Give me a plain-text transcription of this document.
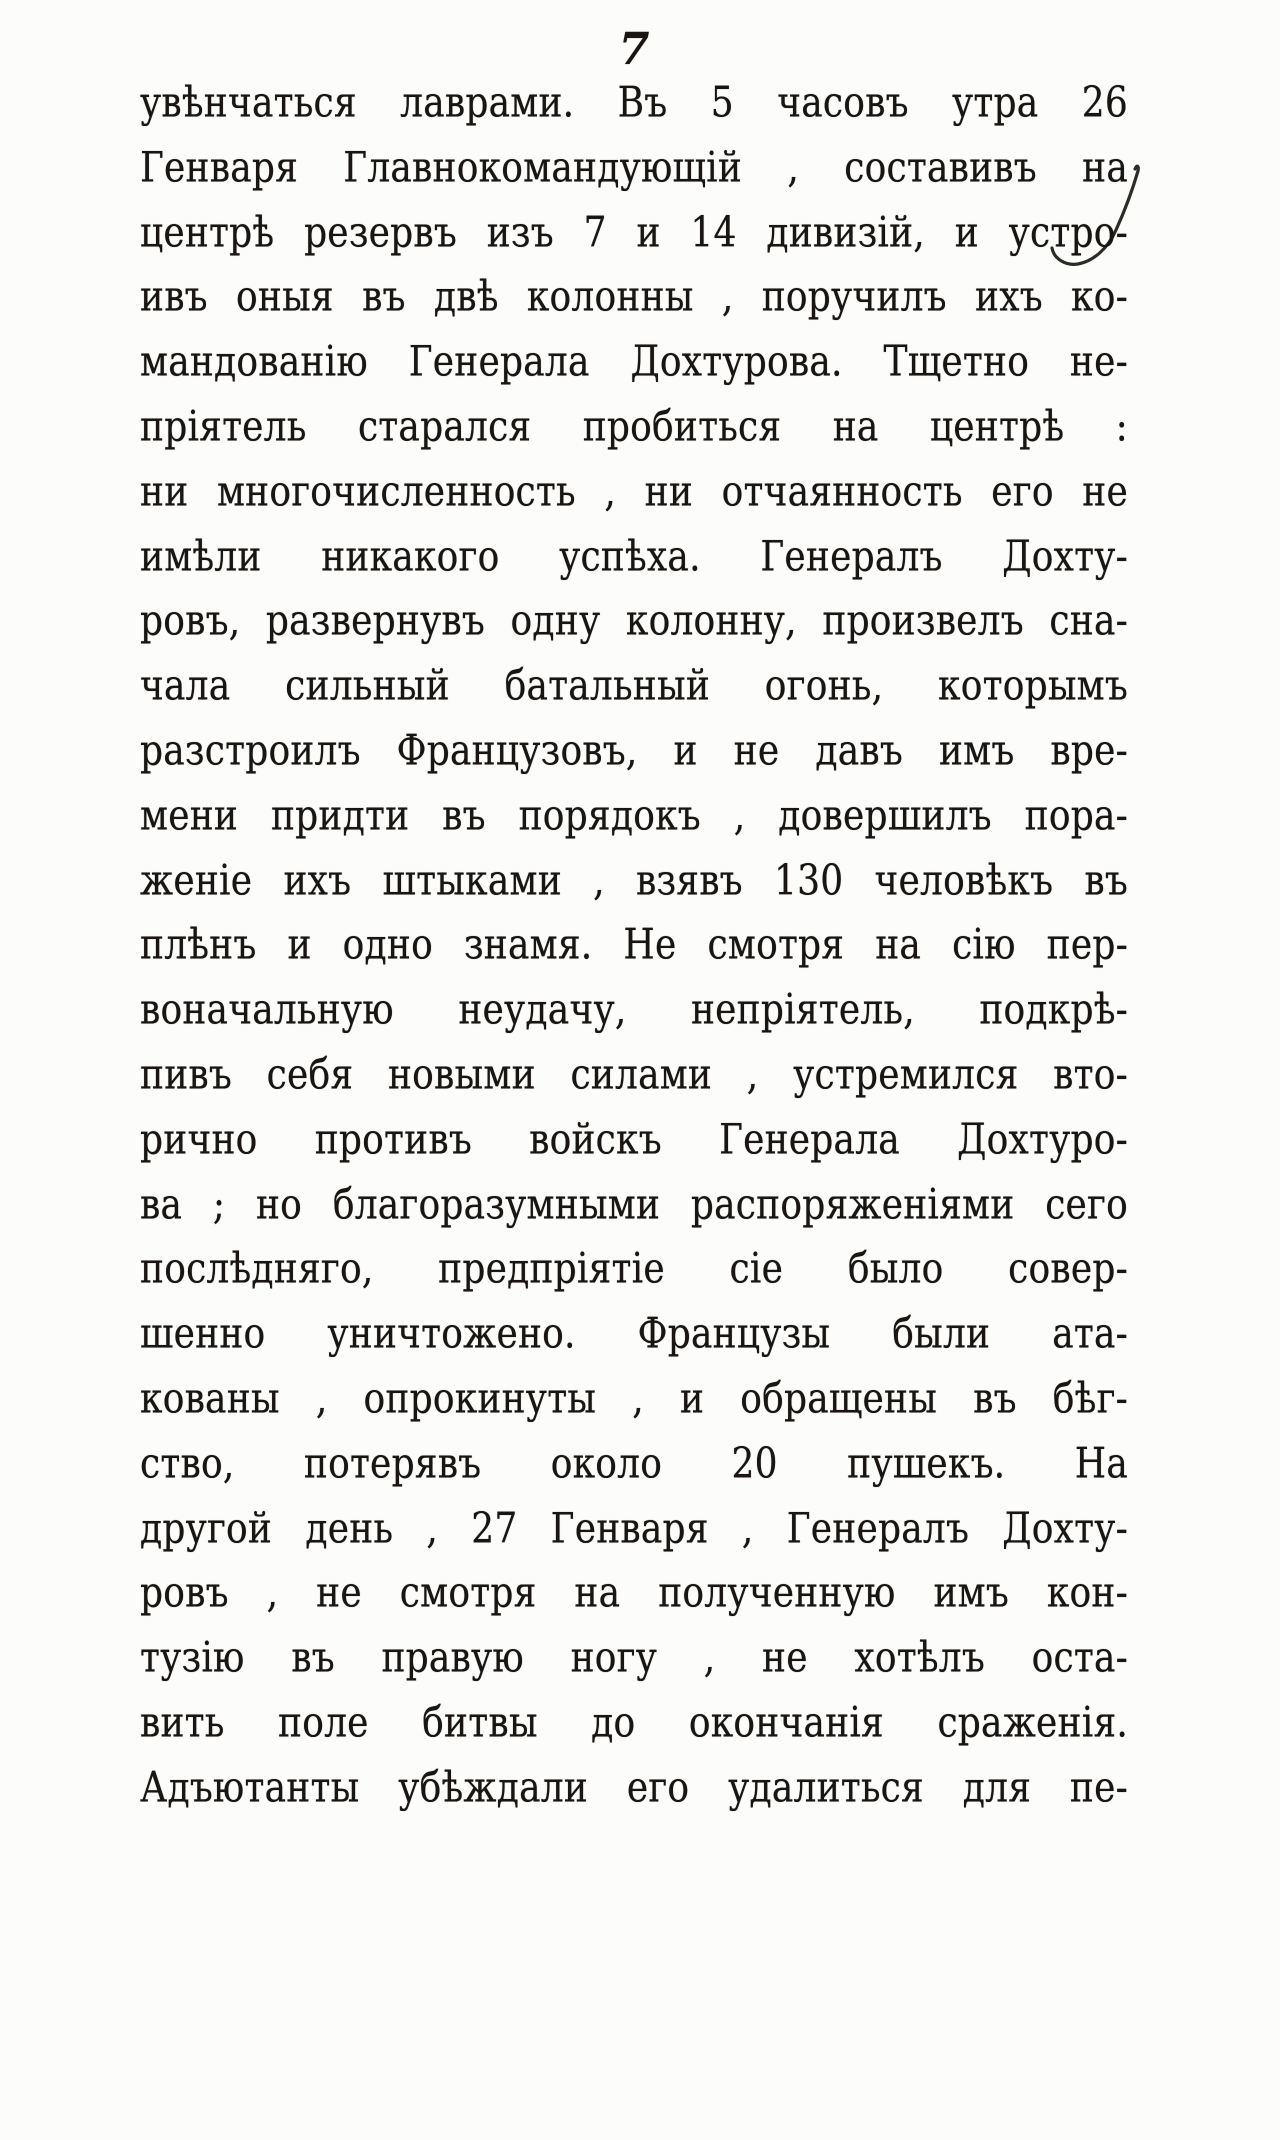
7
увѣнчаться лаврами. Въ 5 часовъ утра 26
Генваря Главнокомандующій , составивъ на
центрѣ резервъ изъ 7 и 14 дивизій, и устро-
ивъ оныя въ двѣ колонны , поручилъ ихъ ко-
мандованію Генерала Дохтурова. Тщетно не-
пріятель старался пробиться на центрѣ :
ни многочисленность , ни отчаянность его не
имѣли никакого успѣха. Генералъ Дохту-
ровъ, развернувъ одну колонну, произвелъ сна-
чала сильный батальный огонь, которымъ
разстроилъ Французовъ, и не давъ имъ вре-
мени придти въ порядокъ , довершилъ пора-
женіе ихъ штыками , взявъ 130 человѣкъ въ
плѣнъ и одно знамя. Не смотря на сію пер-
воначальную неудачу, непріятель, подкрѣ-
пивъ себя новыми силами , устремился вто-
рично противъ войскъ Генерала Дохтуро-
ва ; но благоразумными распоряженіями сего
послѣдняго, предпріятіе сіе было совер-
шенно уничтожено. Французы были ата-
кованы , опрокинуты , и обращены въ бѣг-
ство, потерявъ около 20 пушекъ. На
другой день , 27 Генваря , Генералъ Дохту-
ровъ , не смотря на полученную имъ кон-
тузію въ правую ногу , не хотѣлъ оста-
вить поле битвы до окончанія сраженія.
Адъютанты убѣждали его удалиться для пе-
